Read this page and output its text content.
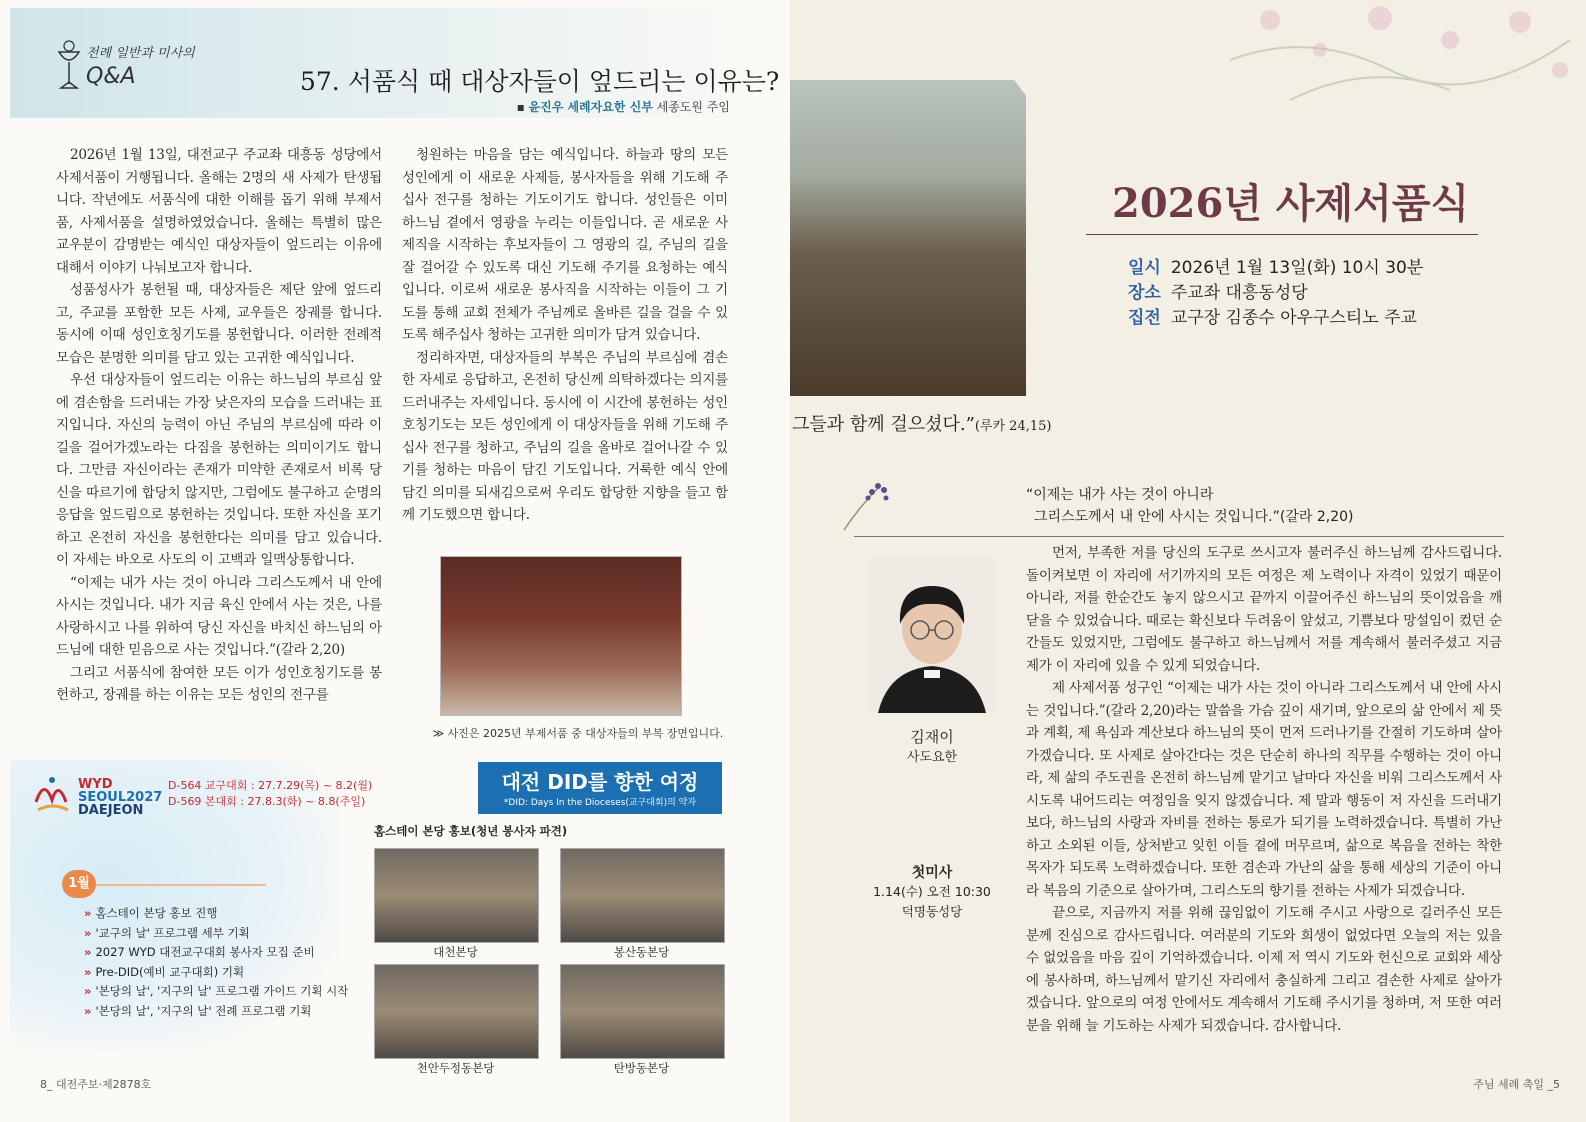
전례 일반과 미사의
Q&A	57. 서품식 때 대상자들이 엎드리는 이유는?
▪ 윤진우 세례자요한 신부 세종도원 주임

2026년 1월 13일, 대전교구 주교좌 대흥동 성당에서 사제서품이 거행됩니다. 올해는 2명의 새 사제가 탄생됩니다. 작년에도 서품식에 대한 이해를 돕기 위해 부제서품, 사제서품을 설명하였었습니다. 올해는 특별히 많은 교우분이 감명받는 예식인 대상자들이 엎드리는 이유에 대해서 이야기 나눠보고자 합니다.

성품성사가 봉헌될 때, 대상자들은 제단 앞에 엎드리고, 주교를 포함한 모든 사제, 교우들은 장궤를 합니다. 동시에 이때 성인호칭기도를 봉헌합니다. 이러한 전례적 모습은 분명한 의미를 담고 있는 고귀한 예식입니다.

우선 대상자들이 엎드리는 이유는 하느님의 부르심 앞에 겸손함을 드러내는 가장 낮은자의 모습을 드러내는 표지입니다. 자신의 능력이 아닌 주님의 부르심에 따라 이 길을 걸어가겠노라는 다짐을 봉헌하는 의미이기도 합니다. 그만큼 자신이라는 존재가 미약한 존재로서 비록 당신을 따르기에 합당치 않지만, 그럼에도 불구하고 순명의 응답을 엎드림으로 봉헌하는 것입니다. 또한 자신을 포기하고 온전히 자신을 봉헌한다는 의미를 담고 있습니다. 이 자세는 바오로 사도의 이 고백과 일맥상통합니다.

“이제는 내가 사는 것이 아니라 그리스도께서 내 안에 사시는 것입니다. 내가 지금 육신 안에서 사는 것은, 나를 사랑하시고 나를 위하여 당신 자신을 바치신 하느님의 아드님에 대한 믿음으로 사는 것입니다.”(갈라 2,20)

그리고 서품식에 참여한 모든 이가 성인호칭기도를 봉헌하고, 장궤를 하는 이유는 모든 성인의 전구를

청원하는 마음을 담는 예식입니다. 하늘과 땅의 모든 성인에게 이 새로운 사제들, 봉사자들을 위해 기도해 주십사 전구를 청하는 기도이기도 합니다. 성인들은 이미 하느님 곁에서 영광을 누리는 이들입니다. 곧 새로운 사제직을 시작하는 후보자들이 그 영광의 길, 주님의 길을 잘 걸어갈 수 있도록 대신 기도해 주기를 요청하는 예식입니다. 이로써 새로운 봉사직을 시작하는 이들이 그 기도를 통해 교회 전체가 주님께로 올바른 길을 걸을 수 있도록 해주십사 청하는 고귀한 의미가 담겨 있습니다.

정리하자면, 대상자들의 부복은 주님의 부르심에 겸손한 자세로 응답하고, 온전히 당신께 의탁하겠다는 의지를 드러내주는 자세입니다. 동시에 이 시간에 봉헌하는 성인호칭기도는 모든 성인에게 이 대상자들을 위해 기도해 주십사 전구를 청하고, 주님의 길을 올바로 걸어나갈 수 있기를 청하는 마음이 담긴 기도입니다. 거룩한 예식 안에 담긴 의미를 되새김으로써 우리도 합당한 지향을 들고 함께 기도했으면 합니다.

≫ 사진은 2025년 부제서품 중 대상자들의 부복 장면입니다.
WYD
SEOUL2027
DAEJEON
D-564 교구대회 : 27.7.29(목) ~ 8.2(월)
D-569 본대회 : 27.8.3(화) ~ 8.8(주일)
1월
» 홈스테이 본당 홍보 진행
» '교구의 날' 프로그램 세부 기획
» 2027 WYD 대전교구대회 봉사자 모집 준비
» Pre-DID(예비 교구대회) 기획
» '본당의 날', '지구의 날' 프로그램 가이드 기획 시작
» '본당의 날', '지구의 날' 전례 프로그램 기획
대전 DID를 향한 여정
*DID: Days In the Dioceses(교구대회)의 약자
홈스테이 본당 홍보(청년 봉사자 파견)
대천본당	봉산동본당
천안두정동본당	탄방동본당
8_ 대전주보·제2878호
그들과 함께 걸으셨다.”(루카 24,15)
2026년 사제서품식
일시 2026년 1월 13일(화) 10시 30분
장소 주교좌 대흥동성당
집전 교구장 김종수 아우구스티노 주교
“이제는 내가 사는 것이 아니라
그리스도께서 내 안에 사시는 것입니다.”(갈라 2,20)
김재이
사도요한
첫미사
1.14(수) 오전 10:30
덕명동성당

먼저, 부족한 저를 당신의 도구로 쓰시고자 불러주신 하느님께 감사드립니다. 돌이켜보면 이 자리에 서기까지의 모든 여정은 제 노력이나 자격이 있었기 때문이 아니라, 저를 한순간도 놓지 않으시고 끝까지 이끌어주신 하느님의 뜻이었음을 깨닫을 수 있었습니다. 때로는 확신보다 두려움이 앞섰고, 기쁨보다 망설임이 컸던 순간들도 있었지만, 그럼에도 불구하고 하느님께서 저를 계속해서 불러주셨고 지금 제가 이 자리에 있을 수 있게 되었습니다.

제 사제서품 성구인 “이제는 내가 사는 것이 아니라 그리스도께서 내 안에 사시는 것입니다.”(갈라 2,20)라는 말씀을 가슴 깊이 새기며, 앞으로의 삶 안에서 제 뜻과 계획, 제 욕심과 계산보다 하느님의 뜻이 먼저 드러나기를 간절히 기도하며 살아가겠습니다. 또 사제로 살아간다는 것은 단순히 하나의 직무를 수행하는 것이 아니라, 제 삶의 주도권을 온전히 하느님께 맡기고 날마다 자신을 비워 그리스도께서 사시도록 내어드리는 여정임을 잊지 않겠습니다. 제 말과 행동이 저 자신을 드러내기보다, 하느님의 사랑과 자비를 전하는 통로가 되기를 노력하겠습니다. 특별히 가난하고 소외된 이들, 상처받고 잊힌 이들 곁에 머무르며, 삶으로 복음을 전하는 착한 목자가 되도록 노력하겠습니다. 또한 겸손과 가난의 삶을 통해 세상의 기준이 아니라 복음의 기준으로 살아가며, 그리스도의 향기를 전하는 사제가 되겠습니다.

끝으로, 지금까지 저를 위해 끊임없이 기도해 주시고 사랑으로 길러주신 모든 분께 진심으로 감사드립니다. 여러분의 기도와 희생이 없었다면 오늘의 저는 있을 수 없었음을 마음 깊이 기억하겠습니다. 이제 저 역시 기도와 헌신으로 교회와 세상에 봉사하며, 하느님께서 맡기신 자리에서 충실하게 그리고 겸손한 사제로 살아가겠습니다. 앞으로의 여정 안에서도 계속해서 기도해 주시기를 청하며, 저 또한 여러분을 위해 늘 기도하는 사제가 되겠습니다. 감사합니다.

주님 세례 축일 _5
